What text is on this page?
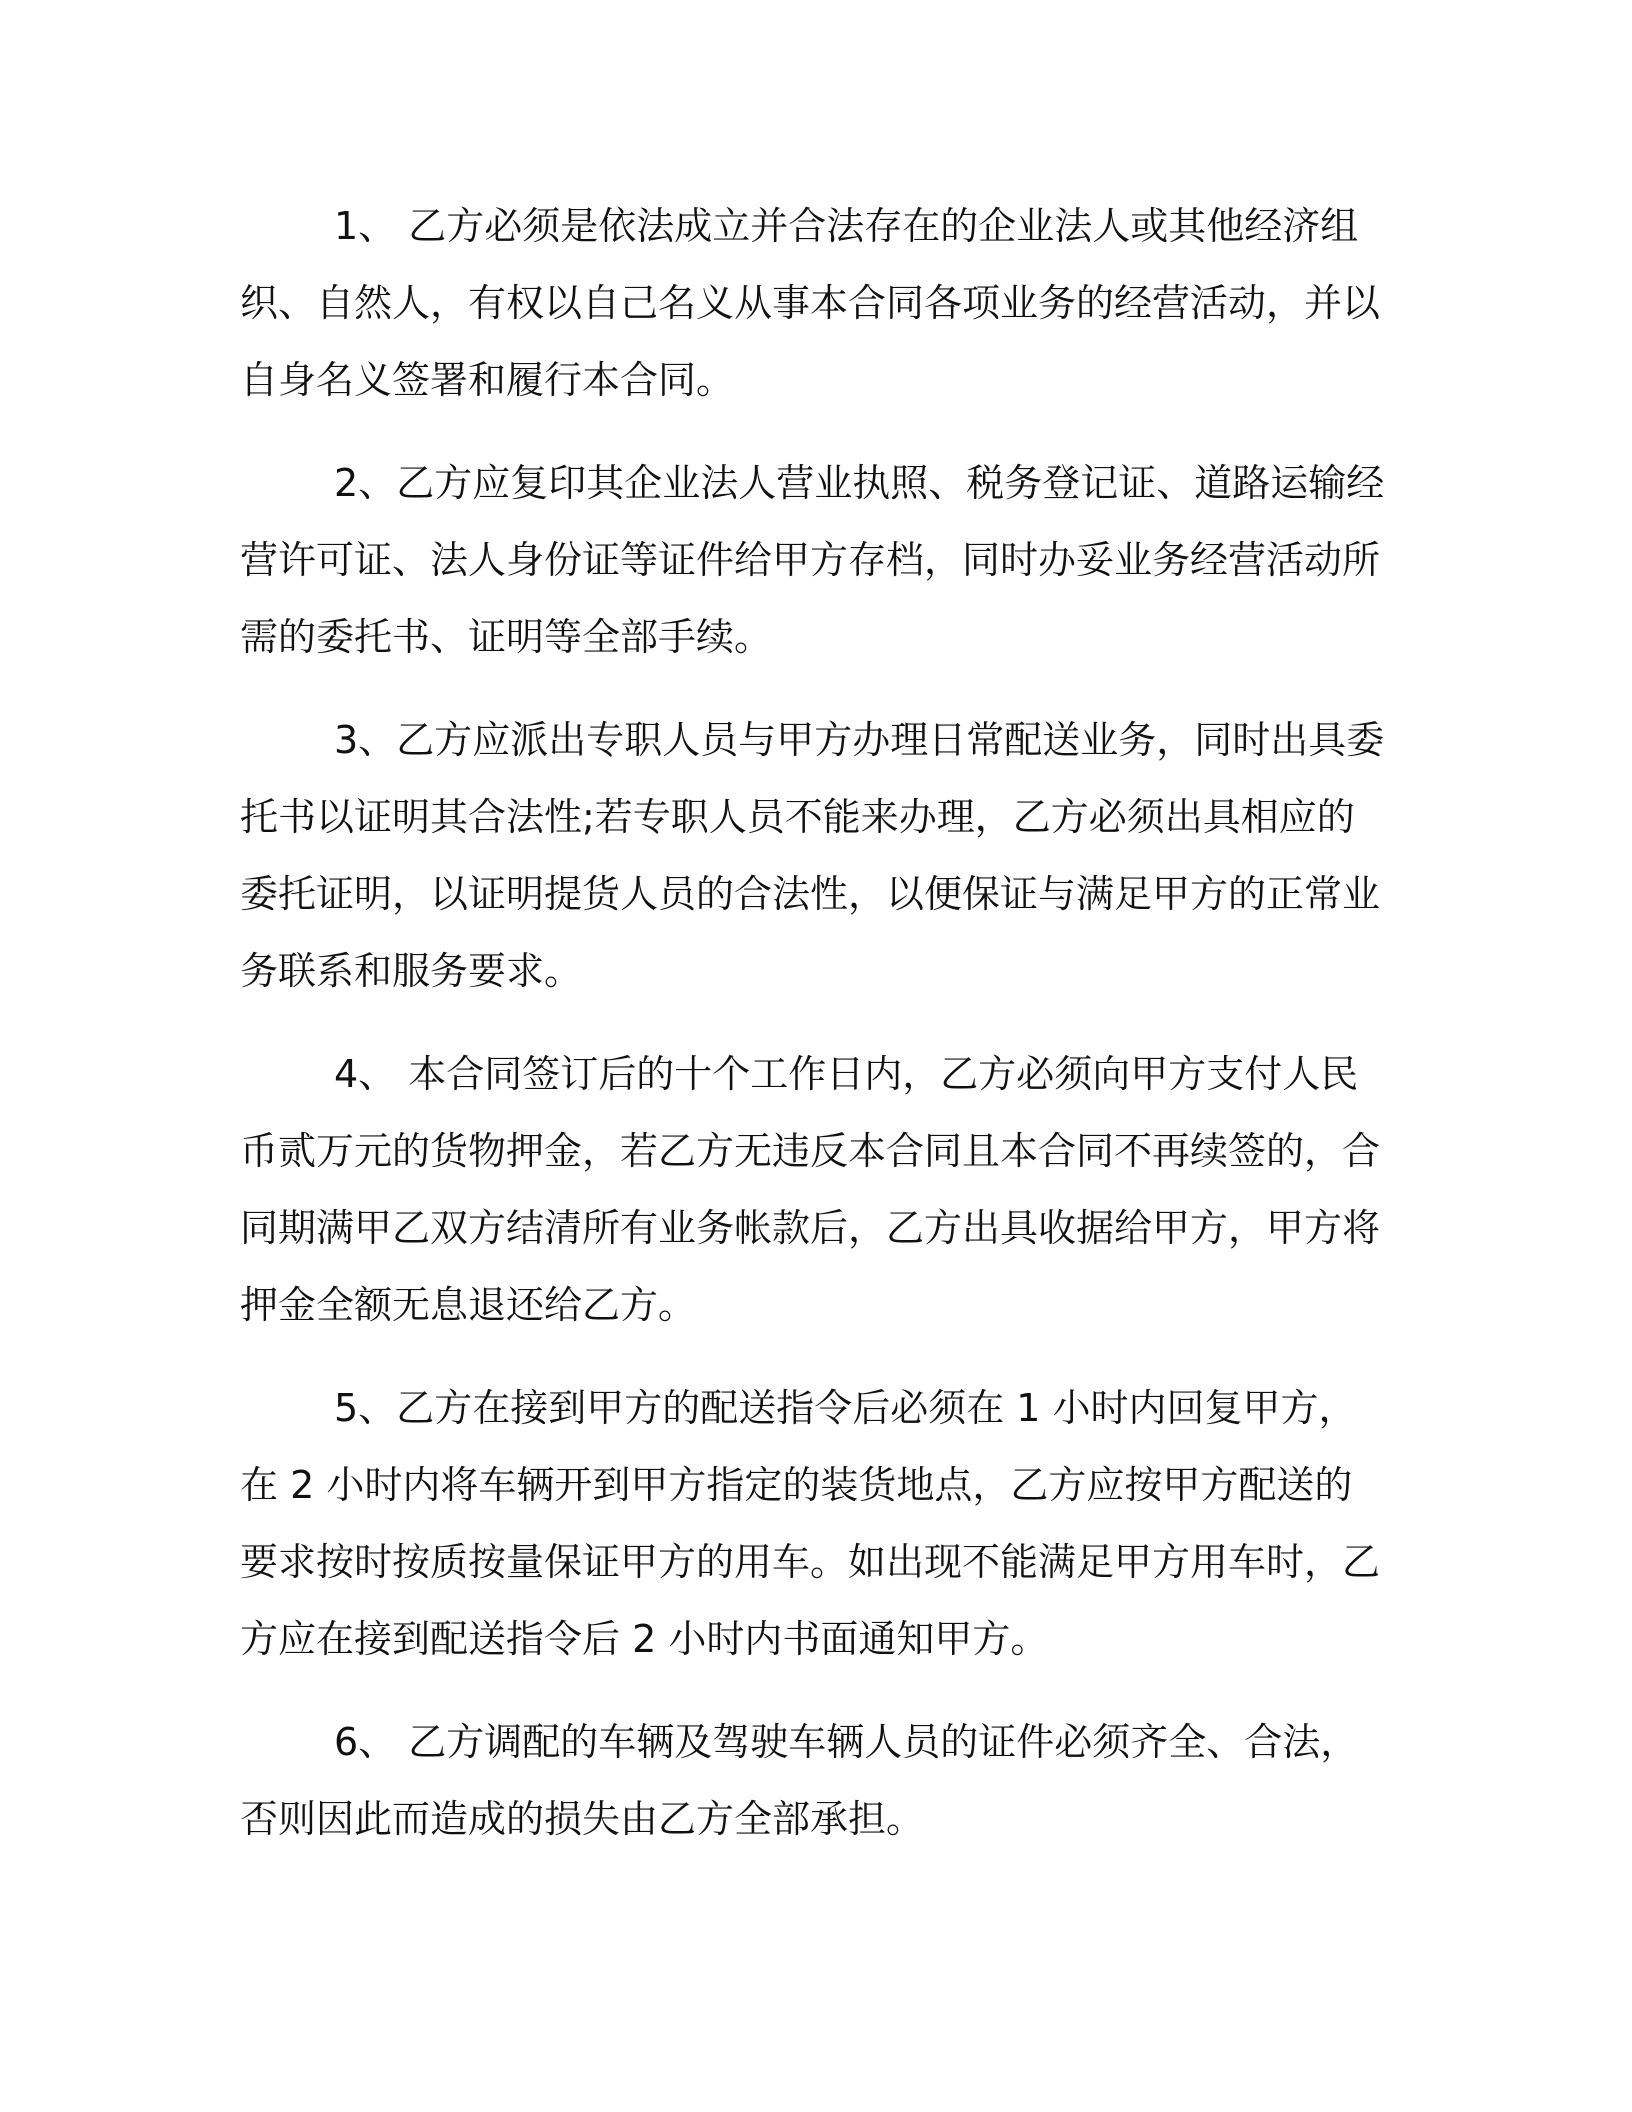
1、 乙方必须是依法成立并合法存在的企业法人或其他经济组织、自然人，有权以自己名义从事本合同各项业务的经营活动，并以自身名义签署和履行本合同。

2、乙方应复印其企业法人营业执照、税务登记证、道路运输经营许可证、法人身份证等证件给甲方存档，同时办妥业务经营活动所需的委托书、证明等全部手续。

3、乙方应派出专职人员与甲方办理日常配送业务，同时出具委托书以证明其合法性;若专职人员不能来办理，乙方必须出具相应的委托证明，以证明提货人员的合法性，以便保证与满足甲方的正常业务联系和服务要求。

4、 本合同签订后的十个工作日内，乙方必须向甲方支付人民币贰万元的货物押金，若乙方无违反本合同且本合同不再续签的，合同期满甲乙双方结清所有业务帐款后，乙方出具收据给甲方，甲方将押金全额无息退还给乙方。

5、乙方在接到甲方的配送指令后必须在 1 小时内回复甲方，在 2 小时内将车辆开到甲方指定的装货地点，乙方应按甲方配送的要求按时按质按量保证甲方的用车。如出现不能满足甲方用车时，乙方应在接到配送指令后 2 小时内书面通知甲方。

6、 乙方调配的车辆及驾驶车辆人员的证件必须齐全、合法，否则因此而造成的损失由乙方全部承担。
